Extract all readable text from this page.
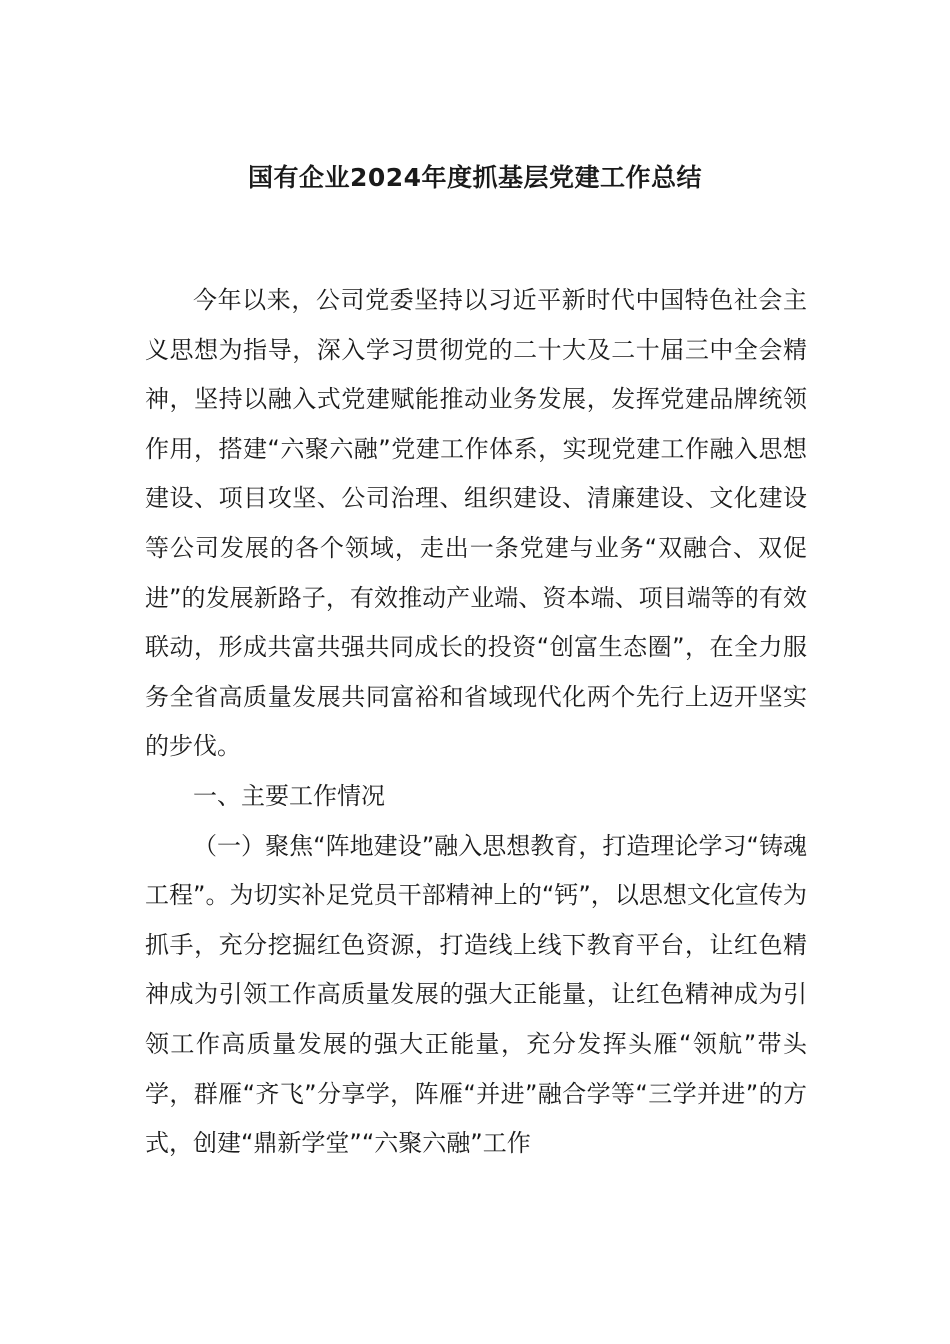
国有企业2024年度抓基层党建工作总结

今年以来，公司党委坚持以习近平新时代中国特色社会主义思想为指导，深入学习贯彻党的二十大及二十届三中全会精神，坚持以融入式党建赋能推动业务发展，发挥党建品牌统领作用，搭建“六聚六融”党建工作体系，实现党建工作融入思想建设、项目攻坚、公司治理、组织建设、清廉建设、文化建设等公司发展的各个领域，走出一条党建与业务“双融合、双促进”的发展新路子，有效推动产业端、资本端、项目端等的有效联动，形成共富共强共同成长的投资“创富生态圈”，在全力服务全省高质量发展共同富裕和省域现代化两个先行上迈开坚实的步伐。

一、主要工作情况

（一）聚焦“阵地建设”融入思想教育，打造理论学习“铸魂工程”。为切实补足党员干部精神上的“钙”，以思想文化宣传为抓手，充分挖掘红色资源，打造线上线下教育平台，让红色精神成为引领工作高质量发展的强大正能量，让红色精神成为引领工作高质量发展的强大正能量，充分发挥头雁“领航”带头学，群雁“齐飞”分享学，阵雁“并进”融合学等“三学并进”的方式，创建“鼎新学堂”“六聚六融”工作
